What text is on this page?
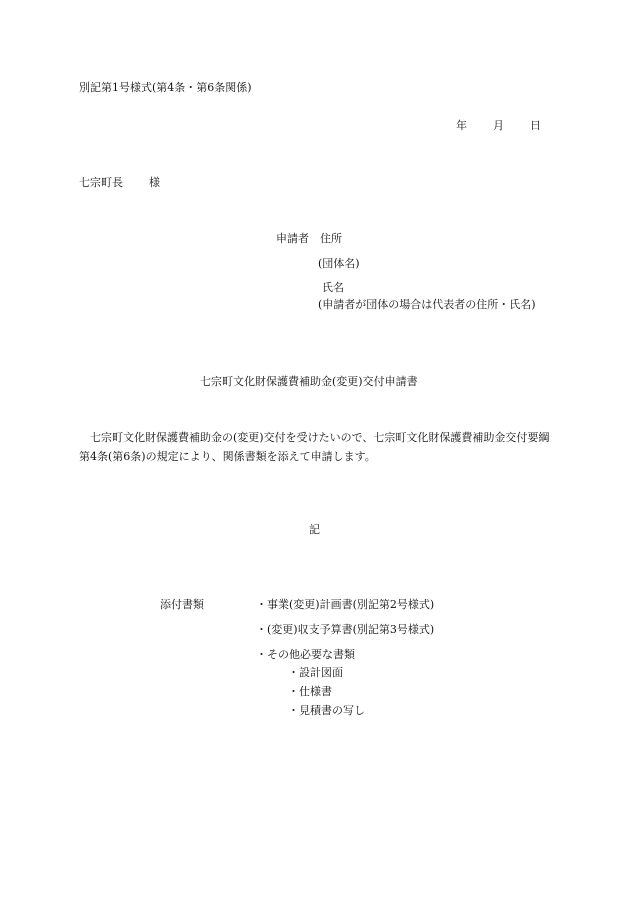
別記第1号様式(第4条・第6条関係)
年 月 日
七宗町長 様
申請者 住所
(団体名)
氏名
(申請者が団体の場合は代表者の住所・氏名)
七宗町文化財保護費補助金(変更)交付申請書
七宗町文化財保護費補助金の(変更)交付を受けたいので、七宗町文化財保護費補助金交付要綱第4条(第6条)の規定により、関係書類を添えて申請します。
記
添付書類	・事業(変更)計画書(別記第2号様式)
・(変更)収支予算書(別記第3号様式)
・その他必要な書類
・設計図面
・仕様書
・見積書の写し
